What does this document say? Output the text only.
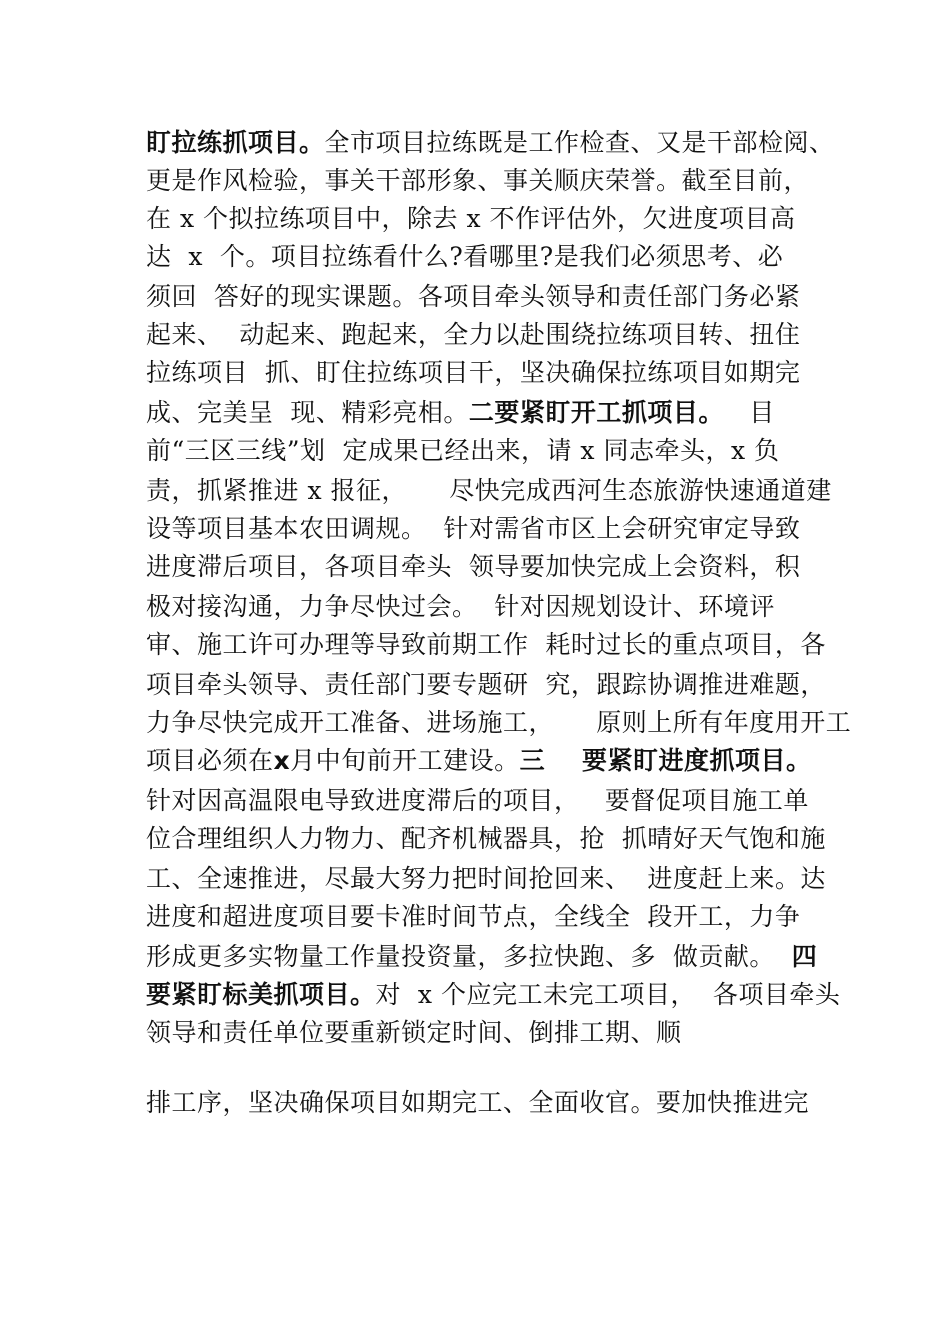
盯拉练抓项目。全市项目拉练既是工作检查、又是干部检阅、
更是作风检验，事关干部形象、事关顺庆荣誉。截至目前，
在 x 个拟拉练项目中，除去 x 不作评估外，欠进度项目高
达  x  个。项目拉练看什么?看哪里?是我们必须思考、必
须回  答好的现实课题。各项目牵头领导和责任部门务必紧
起来、  动起来、跑起来，全力以赴围绕拉练项目转、扭住
拉练项目  抓、盯住拉练项目干，坚决确保拉练项目如期完
成、完美呈  现、精彩亮相。二要紧盯开工抓项目。   目
前“三区三线”划  定成果已经出来，请 x 同志牵头，x 负
责，抓紧推进 x 报征，     尽快完成西河生态旅游快速通道建
设等项目基本农田调规。  针对需省市区上会研究审定导致
进度滞后项目，各项目牵头  领导要加快完成上会资料，积
极对接沟通，力争尽快过会。  针对因规划设计、环境评
审、施工许可办理等导致前期工作  耗时过长的重点项目，各
项目牵头领导、责任部门要专题研  究，跟踪协调推进难题，
力争尽快完成开工准备、进场施工，     原则上所有年度用开工
项目必须在x月中旬前开工建设。三    要紧盯进度抓项目。
针对因高温限电导致进度滞后的项目，   要督促项目施工单
位合理组织人力物力、配齐机械器具，抢  抓晴好天气饱和施
工、全速推进，尽最大努力把时间抢回来、  进度赶上来。达
进度和超进度项目要卡准时间节点，全线全  段开工，力争
形成更多实物量工作量投资量，多拉快跑、多  做贡献。  四
要紧盯标美抓项目。对  x 个应完工未完工项目，  各项目牵头
领导和责任单位要重新锁定时间、倒排工期、顺
排工序，坚决确保项目如期完工、全面收官。要加快推进完
